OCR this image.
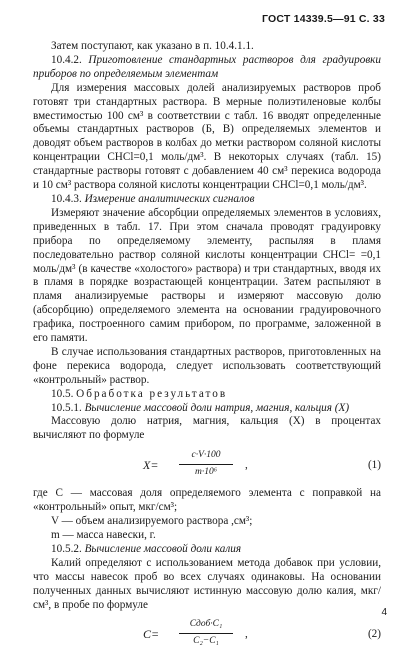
ГОСТ 14339.5—91 С. 33

Затем поступают, как указано в п. 10.4.1.1.

10.4.2. Приготовление стандартных растворов для градуировки приборов по определяемым элементам

Для измерения массовых долей анализируемых растворов проб готовят три стандартных раствора. В мерные полиэтиленовые колбы вместимостью 100 см³ в соответствии с табл. 16 вводят определенные объемы стандартных растворов (Б, В) определяемых элементов и доводят объем растворов в колбах до метки раствором соляной кислоты концентрации CHCl=0,1 моль/дм³. В некоторых случаях (табл. 15) стандартные растворы готовят с добавлением 40 см³ перекиса водорода и 10 см³ раствора соляной кислоты концентрации CHCl=0,1 моль/дм³.

10.4.3. Измерение аналитических сигналов

Измеряют значение абсорбции определяемых элементов в условиях, приведенных в табл. 17. При этом сначала проводят градуировку прибора по определяемому элементу, распыляя в пламя последовательно раствор соляной кислоты концентрации CHCl= =0,1 моль/дм³ (в качестве «холостого» раствора) и три стандартных, вводя их в пламя в порядке возрастающей концентрации. Затем распыляют в пламя анализируемые растворы и измеряют массовую долю (абсорбцию) определяемого элемента на основании градуировочного графика, построенного самим прибором, по программе, заложенной в его памяти.

В случае использования стандартных растворов, приготовленных на фоне перекиса водорода, следует использовать соответствующий «контрольный» раствор.

10.5. Обработка результатов

10.5.1. Вычисление массовой доли натрия, магния, кальция (X)

Массовую долю натрия, магния, кальция (X) в процентах вычисляют по формуле

$X= \frac{c\cdot V\cdot 100}{\text{m·10⁶}}$ ,	(1)

где C — массовая доля определяемого элемента с поправкой на «контрольный» опыт, мкг/см³;

V — объем анализируемого раствора ,см³;

m — масса навески, г.

10.5.2. Вычисление массовой доли калия

Калий определяют с использованием метода добавок при условии, что массы навесок проб во всех случаях одинаковы. На основании полученных данных вычисляют истинную массовую долю калия, мкг/см³, в пробе по формуле

C=
Cдоб·C₁
C₂−C₁
,	(2)
4
